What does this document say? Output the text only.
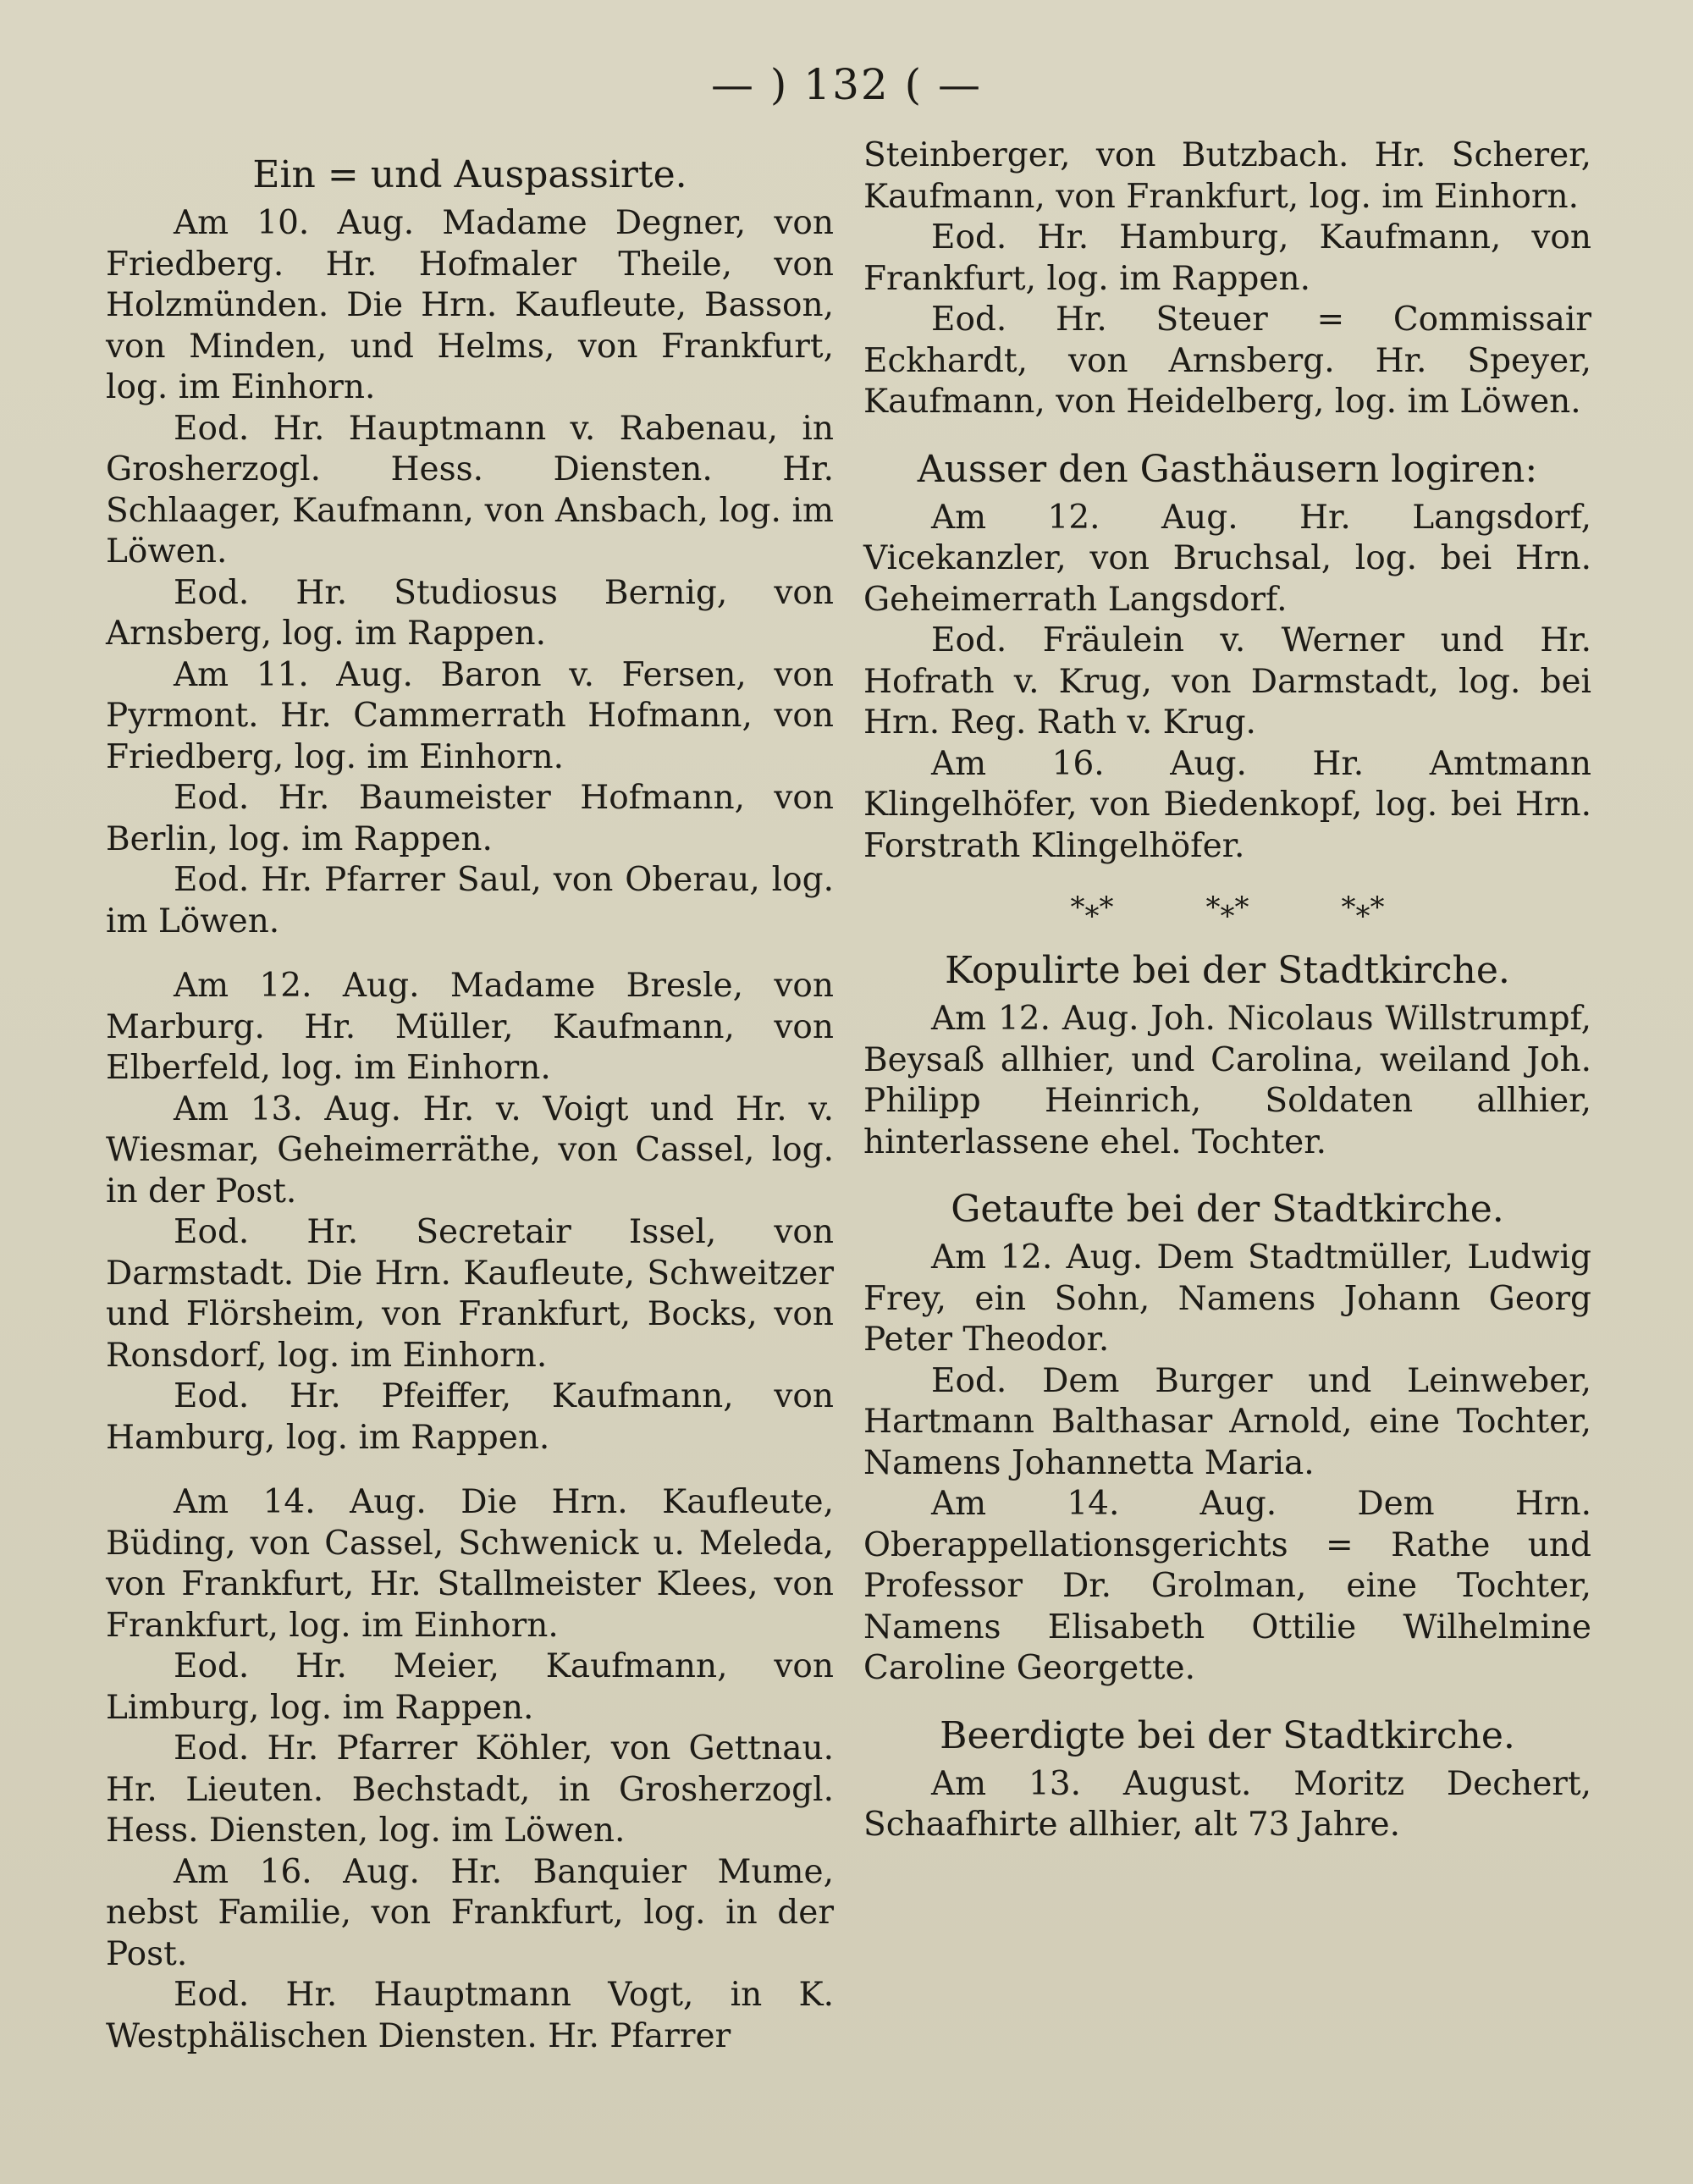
— ) 132 ( —
Ein = und Auspassirte.

Am 10. Aug. Madame Degner, von Friedberg. Hr. Hofmaler Theile, von Holzmünden. Die Hrn. Kaufleute, Basson, von Minden, und Helms, von Frankfurt, log. im Einhorn.

Eod. Hr. Hauptmann v. Rabenau, in Grosherzogl. Hess. Diensten. Hr. Schlaager, Kaufmann, von Ansbach, log. im Löwen.

Eod. Hr. Studiosus Bernig, von Arnsberg, log. im Rappen.

Am 11. Aug. Baron v. Fersen, von Pyrmont. Hr. Cammerrath Hofmann, von Friedberg, log. im Einhorn.

Eod. Hr. Baumeister Hofmann, von Berlin, log. im Rappen.

Eod. Hr. Pfarrer Saul, von Oberau, log. im Löwen.

Am 12. Aug. Madame Bresle, von Marburg. Hr. Müller, Kaufmann, von Elberfeld, log. im Einhorn.

Am 13. Aug. Hr. v. Voigt und Hr. v. Wiesmar, Geheimerräthe, von Cassel, log. in der Post.

Eod. Hr. Secretair Issel, von Darmstadt. Die Hrn. Kaufleute, Schweitzer und Flörsheim, von Frankfurt, Bocks, von Ronsdorf, log. im Einhorn.

Eod. Hr. Pfeiffer, Kaufmann, von Hamburg, log. im Rappen.

Am 14. Aug. Die Hrn. Kaufleute, Büding, von Cassel, Schwenick u. Meleda, von Frankfurt, Hr. Stallmeister Klees, von Frankfurt, log. im Einhorn.

Eod. Hr. Meier, Kaufmann, von Limburg, log. im Rappen.

Eod. Hr. Pfarrer Köhler, von Gettnau. Hr. Lieuten. Bechstadt, in Grosherzogl. Hess. Diensten, log. im Löwen.

Am 16. Aug. Hr. Banquier Mume, nebst Familie, von Frankfurt, log. in der Post.

Eod. Hr. Hauptmann Vogt, in K. Westphälischen Diensten. Hr. Pfarrer

Steinberger, von Butzbach. Hr. Scherer, Kaufmann, von Frankfurt, log. im Einhorn.

Eod. Hr. Hamburg, Kaufmann, von Frankfurt, log. im Rappen.

Eod. Hr. Steuer = Commissair Eckhardt, von Arnsberg. Hr. Speyer, Kaufmann, von Heidelberg, log. im Löwen.

Ausser den Gasthäusern logiren:

Am 12. Aug. Hr. Langsdorf, Vicekanzler, von Bruchsal, log. bei Hrn. Geheimerrath Langsdorf.

Eod. Fräulein v. Werner und Hr. Hofrath v. Krug, von Darmstadt, log. bei Hrn. Reg. Rath v. Krug.

Am 16. Aug. Hr. Amtmann Klingelhöfer, von Biedenkopf, log. bei Hrn. Forstrath Klingelhöfer.

*⁎*	*⁎*	*⁎*
Kopulirte bei der Stadtkirche.

Am 12. Aug. Joh. Nicolaus Willstrumpf, Beysaß allhier, und Carolina, weiland Joh. Philipp Heinrich, Soldaten allhier, hinterlassene ehel. Tochter.

Getaufte bei der Stadtkirche.

Am 12. Aug. Dem Stadtmüller, Ludwig Frey, ein Sohn, Namens Johann Georg Peter Theodor.

Eod. Dem Burger und Leinweber, Hartmann Balthasar Arnold, eine Tochter, Namens Johannetta Maria.

Am 14. Aug. Dem Hrn. Oberappellationsgerichts = Rathe und Professor Dr. Grolman, eine Tochter, Namens Elisabeth Ottilie Wilhelmine Caroline Georgette.

Beerdigte bei der Stadtkirche.

Am 13. August. Moritz Dechert, Schaafhirte allhier, alt 73 Jahre.
